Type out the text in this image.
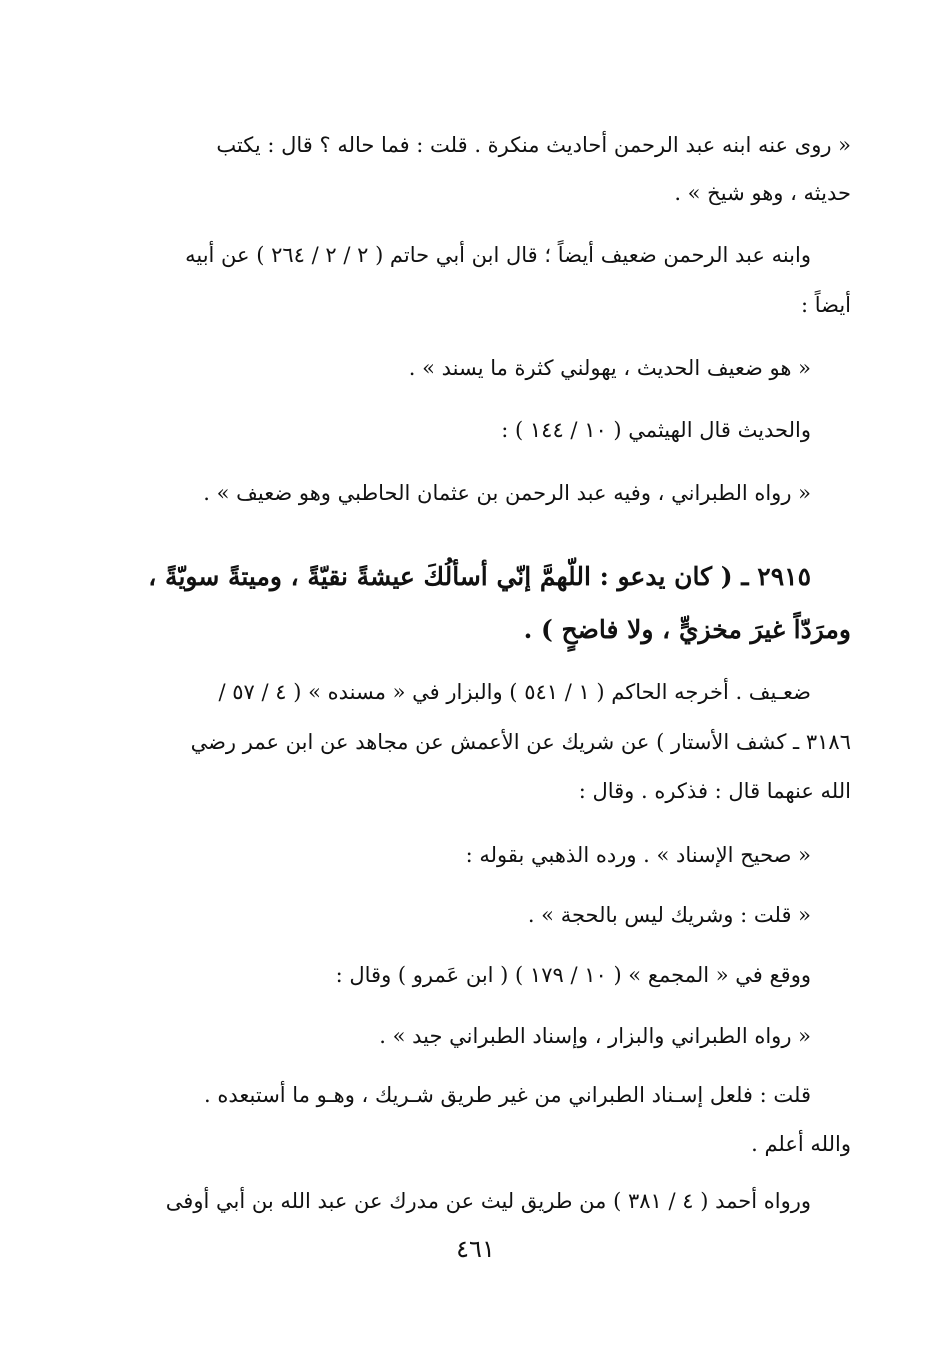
« روى عنه ابنه عبد الرحمن أحاديث منكرة . قلت : فما حاله ؟ قال : يكتب
حديثه ، وهو شيخ » .
وابنه عبد الرحمن ضعيف أيضاً ؛ قال ابن أبي حاتم ( ٢ / ٢ / ٢٦٤ ) عن أبيه
أيضاً :
« هو ضعيف الحديث ، يهولني كثرة ما يسند » .
والحديث قال الهيثمي ( ١٠ / ١٤٤ ) :
« رواه الطبراني ، وفيه عبد الرحمن بن عثمان الحاطبي وهو ضعيف » .
٢٩١٥ ـ ( كان يدعو : اللّهمَّ إنّي أسألُكَ عيشةً نقيّةً ، وميتةً سويّةً ،
ومرَدّاً غيرَ مخزيٍّ ، ولا فاضحٍ ) .
ضعـيف . أخرجه الحاكم ( ١ / ٥٤١ ) والبزار في « مسنده » ( ٤ / ٥٧ /
٣١٨٦ ـ كشف الأستار ) عن شريك عن الأعمش عن مجاهد عن ابن عمر رضي
الله عنهما قال : فذكره . وقال :
« صحيح الإسناد » . ورده الذهبي بقوله :
« قلت : وشريك ليس بالحجة » .
ووقع في « المجمع » ( ١٠ / ١٧٩ ) ( ابن عَمرو ) وقال :
« رواه الطبراني والبزار ، وإسناد الطبراني جيد » .
قلت : فلعل إسـناد الطبراني من غير طريق شـريك ، وهـو ما أستبعده .
والله أعلم .
ورواه أحمد ( ٤ / ٣٨١ ) من طريق ليث عن مدرك عن عبد الله بن أبي أوفى
٤٦١
